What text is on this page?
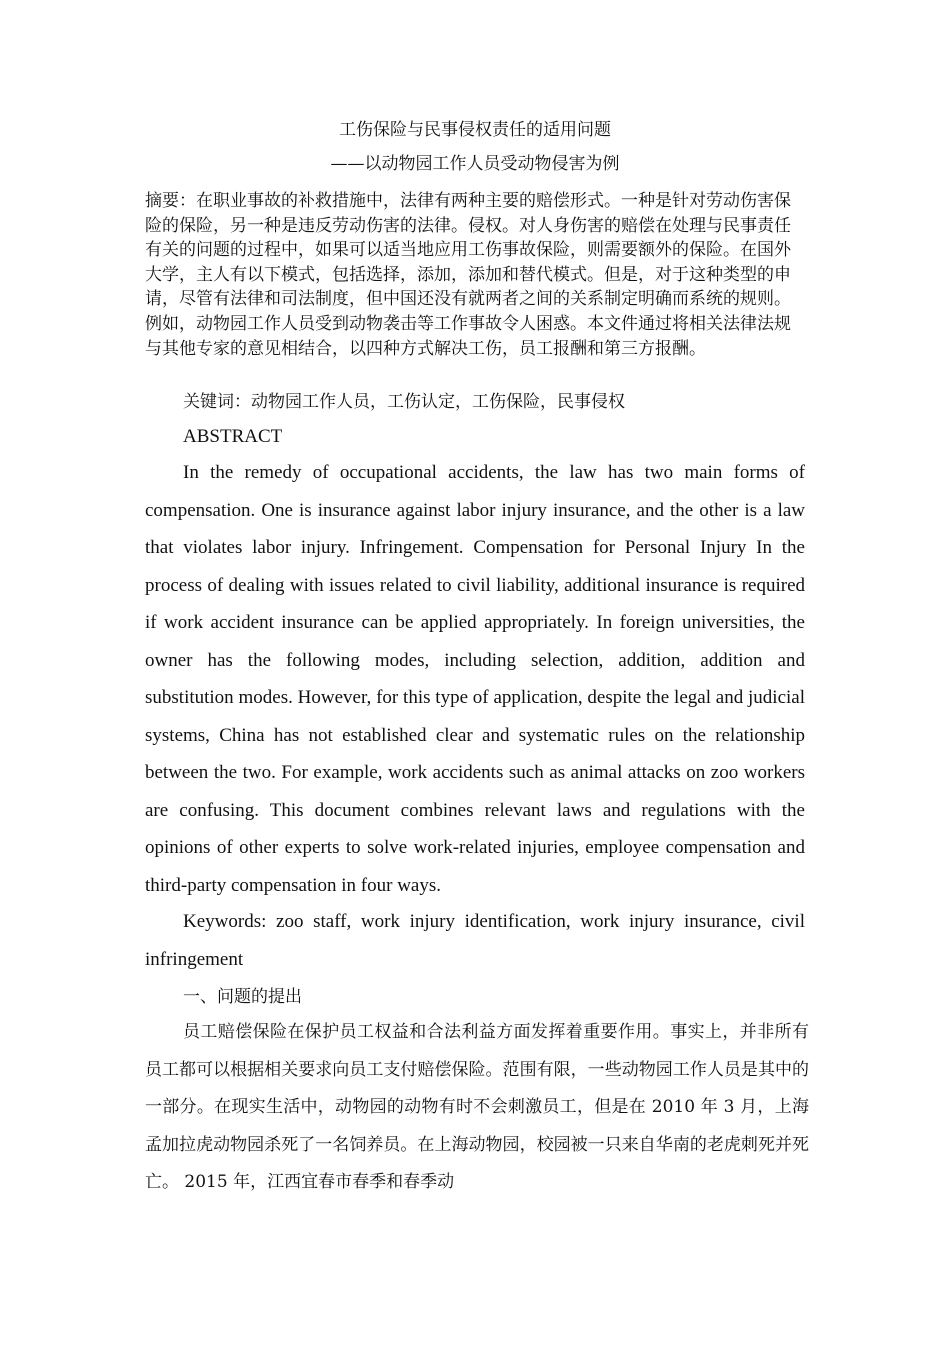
工伤保险与民事侵权责任的适用问题
——以动物园工作人员受动物侵害为例

摘要：在职业事故的补救措施中，法律有两种主要的赔偿形式。一种是针对劳动伤害保险的保险，另一种是违反劳动伤害的法律。侵权。对人身伤害的赔偿在处理与民事责任有关的问题的过程中，如果可以适当地应用工伤事故保险，则需要额外的保险。在国外大学，主人有以下模式，包括选择，添加，添加和替代模式。但是，对于这种类型的申请，尽管有法律和司法制度，但中国还没有就两者之间的关系制定明确而系统的规则。例如，动物园工作人员受到动物袭击等工作事故令人困惑。本文件通过将相关法律法规与其他专家的意见相结合，以四种方式解决工伤，员工报酬和第三方报酬。

关键词：动物园工作人员，工伤认定，工伤保险，民事侵权

ABSTRACT

In the remedy of occupational accidents, the law has two main forms of compensation. One is insurance against labor injury insurance, and the other is a law that violates labor injury. Infringement. Compensation for Personal Injury In the process of dealing with issues related to civil liability, additional insurance is required if work accident insurance can be applied appropriately. In foreign universities, the owner has the following modes, including selection, addition, addition and substitution modes. However, for this type of application, despite the legal and judicial systems, China has not established clear and systematic rules on the relationship between the two. For example, work accidents such as animal attacks on zoo workers are confusing. This document combines relevant laws and regulations with the opinions of other experts to solve work-related injuries, employee compensation and third-party compensation in four ways.

Keywords: zoo staff, work injury identification, work injury insurance, civil infringement

一、问题的提出

员工赔偿保险在保护员工权益和合法利益方面发挥着重要作用。事实上，并非所有员工都可以根据相关要求向员工支付赔偿保险。范围有限，一些动物园工作人员是其中的一部分。在现实生活中，动物园的动物有时不会刺激员工，但是在 2010 年 3 月，上海孟加拉虎动物园杀死了一名饲养员。在上海动物园，校园被一只来自华南的老虎刺死并死亡。 2015 年，江西宜春市春季和春季动
